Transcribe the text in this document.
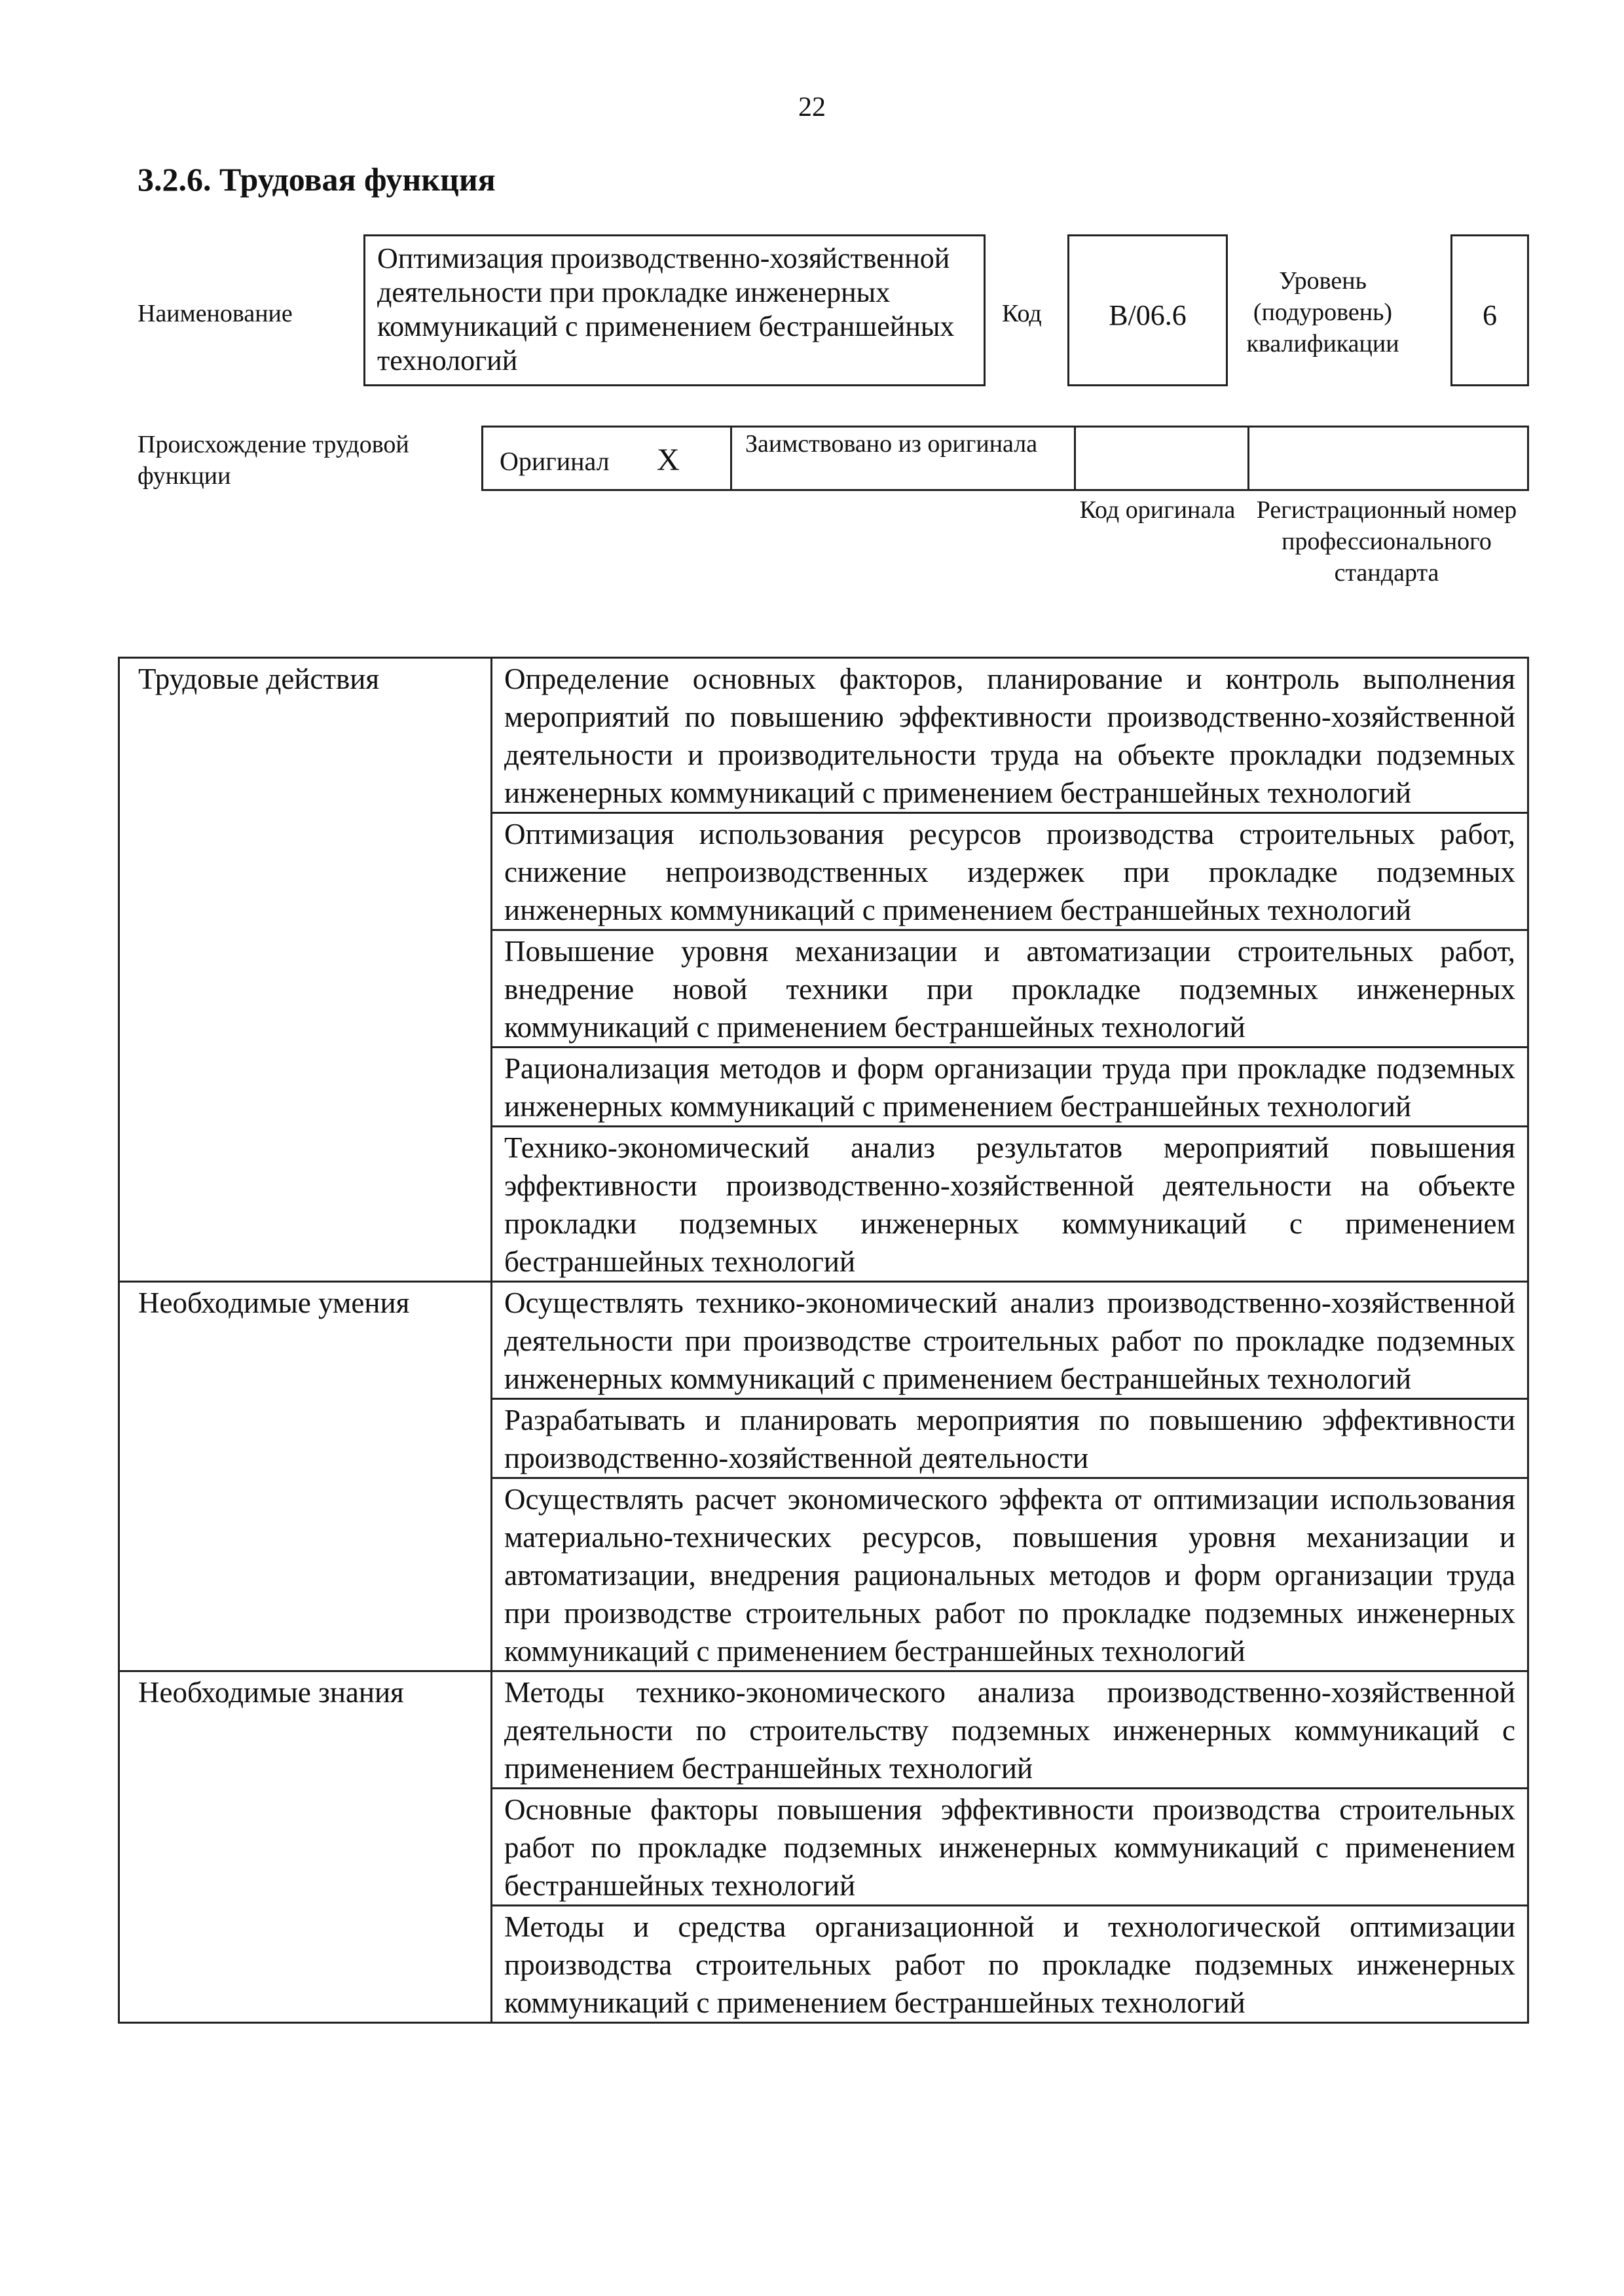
22
3.2.6. Трудовая функция
Наименование
Оптимизация производственно-хозяйственной деятельности при прокладке инженерных коммуникаций с применением бестраншейных технологий
Код	B/06.6
Уровень (подуровень) квалификации
6
Происхождение трудовой функции	Оригинал X	Заимствовано из оригинала
Код оригинала Регистрационный номер профессионального стандарта
Трудовые действия	Определение основных факторов, планирование и контроль выполнения мероприятий по повышению эффективности производственно-хозяйственной деятельности и производительности труда на объекте прокладки подземных инженерных коммуникаций с применением бестраншейных технологий
	Оптимизация использования ресурсов производства строительных работ, снижение непроизводственных издержек при прокладке подземных инженерных коммуникаций с применением бестраншейных технологий
	Повышение уровня механизации и автоматизации строительных работ, внедрение новой техники при прокладке подземных инженерных коммуникаций с применением бестраншейных технологий
	Рационализация методов и форм организации труда при прокладке подземных инженерных коммуникаций с применением бестраншейных технологий
	Технико-экономический анализ результатов мероприятий повышения эффективности производственно-хозяйственной деятельности на объекте прокладки подземных инженерных коммуникаций с применением бестраншейных технологий
Необходимые умения	Осуществлять технико-экономический анализ производственно-хозяйственной деятельности при производстве строительных работ по прокладке подземных инженерных коммуникаций с применением бестраншейных технологий
	Разрабатывать и планировать мероприятия по повышению эффективности производственно-хозяйственной деятельности
	Осуществлять расчет экономического эффекта от оптимизации использования материально-технических ресурсов, повышения уровня механизации и автоматизации, внедрения рациональных методов и форм организации труда при производстве строительных работ по прокладке подземных инженерных коммуникаций с применением бестраншейных технологий
Необходимые знания	Методы технико-экономического анализа производственно-хозяйственной деятельности по строительству подземных инженерных коммуникаций с применением бестраншейных технологий
	Основные факторы повышения эффективности производства строительных работ по прокладке подземных инженерных коммуникаций с применением бестраншейных технологий
	Методы и средства организационной и технологической оптимизации производства строительных работ по прокладке подземных инженерных коммуникаций с применением бестраншейных технологий
